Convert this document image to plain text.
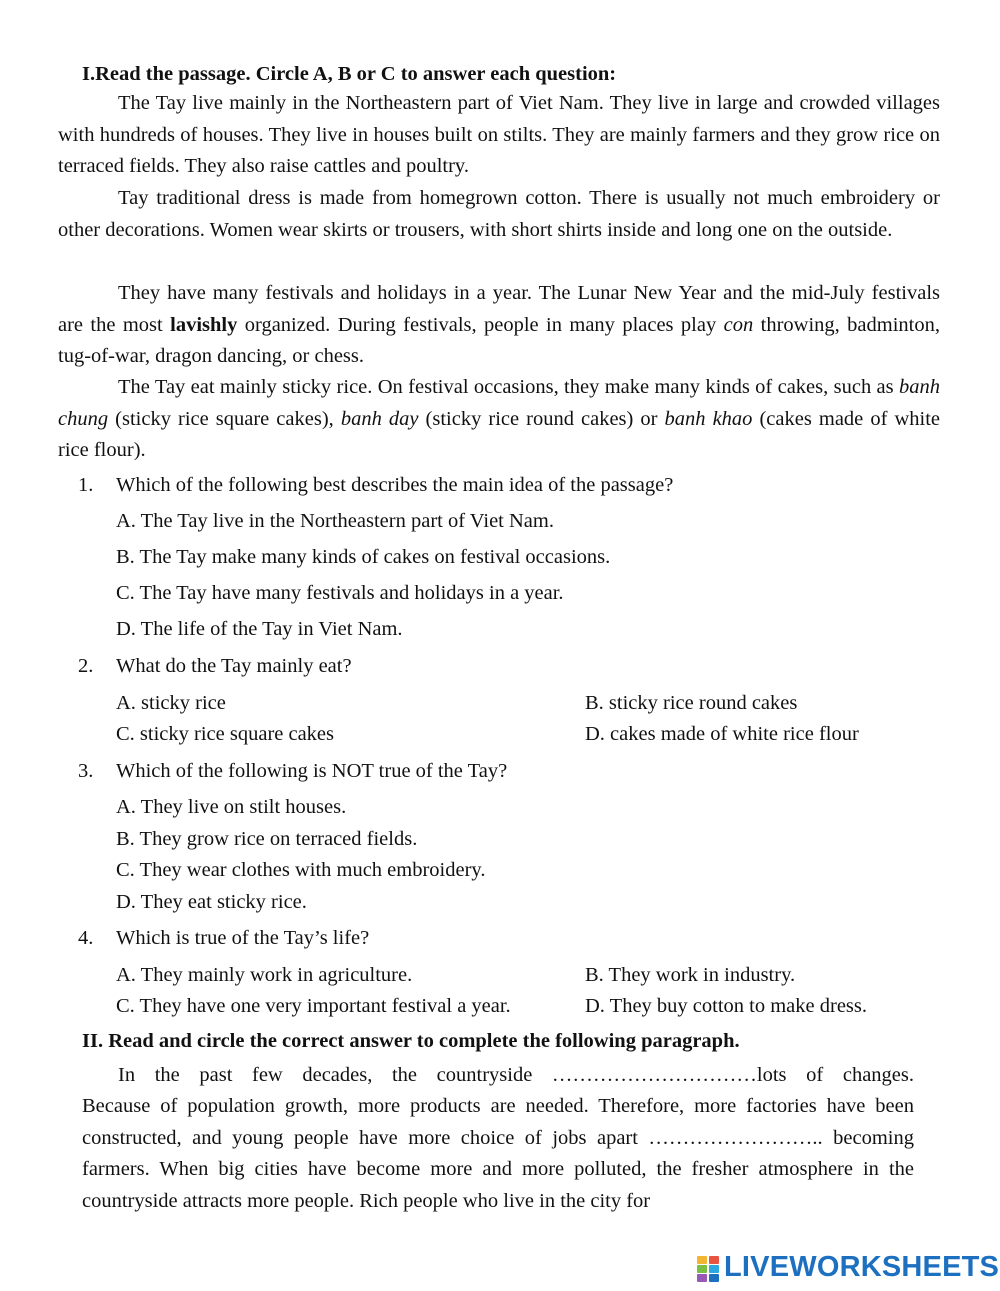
I.Read the passage. Circle A, B or C to answer each question:
The Tay live mainly in the Northeastern part of Viet Nam. They live in large and crowded villages with hundreds of houses. They live in houses built on stilts. They are mainly farmers and they grow rice on terraced fields. They also raise cattles and poultry.
Tay traditional dress is made from homegrown cotton. There is usually not much embroidery or other decorations. Women wear skirts or trousers, with short shirts inside and long one on the outside.
They have many festivals and holidays in a year. The Lunar New Year and the mid-July festivals are the most lavishly organized. During festivals, people in many places play con throwing, badminton, tug-of-war, dragon dancing, or chess.
The Tay eat mainly sticky rice. On festival occasions, they make many kinds of cakes, such as banh chung (sticky rice square cakes), banh day (sticky rice round cakes) or banh khao (cakes made of white rice flour).
1. Which of the following best describes the main idea of the passage?
A. The Tay live in the Northeastern part of Viet Nam.
B. The Tay make many kinds of cakes on festival occasions.
C. The Tay have many festivals and holidays in a year.
D. The life of the Tay in Viet Nam.
2. What do the Tay mainly eat?
A. sticky rice	B. sticky rice round cakes
C. sticky rice square cakes	D. cakes made of white rice flour
3. Which of the following is NOT true of the Tay?
A. They live on stilt houses.
B. They grow rice on terraced fields.
C. They wear clothes with much embroidery.
D. They eat sticky rice.
4. Which is true of the Tay’s life?
A. They mainly work in agriculture.	B. They work in industry.
C. They have one very important festival a year.	D. They buy cotton to make dress.
II. Read and circle the correct answer to complete the following paragraph.
In the past few decades, the countryside …………………………lots of changes.
Because of population growth, more products are needed. Therefore, more factories have been constructed, and young people have more choice of jobs apart …………………….. becoming farmers. When big cities have become more and more polluted, the fresher atmosphere in the countryside attracts more people. Rich people who live in the city for
LIVEWORKSHEETS
